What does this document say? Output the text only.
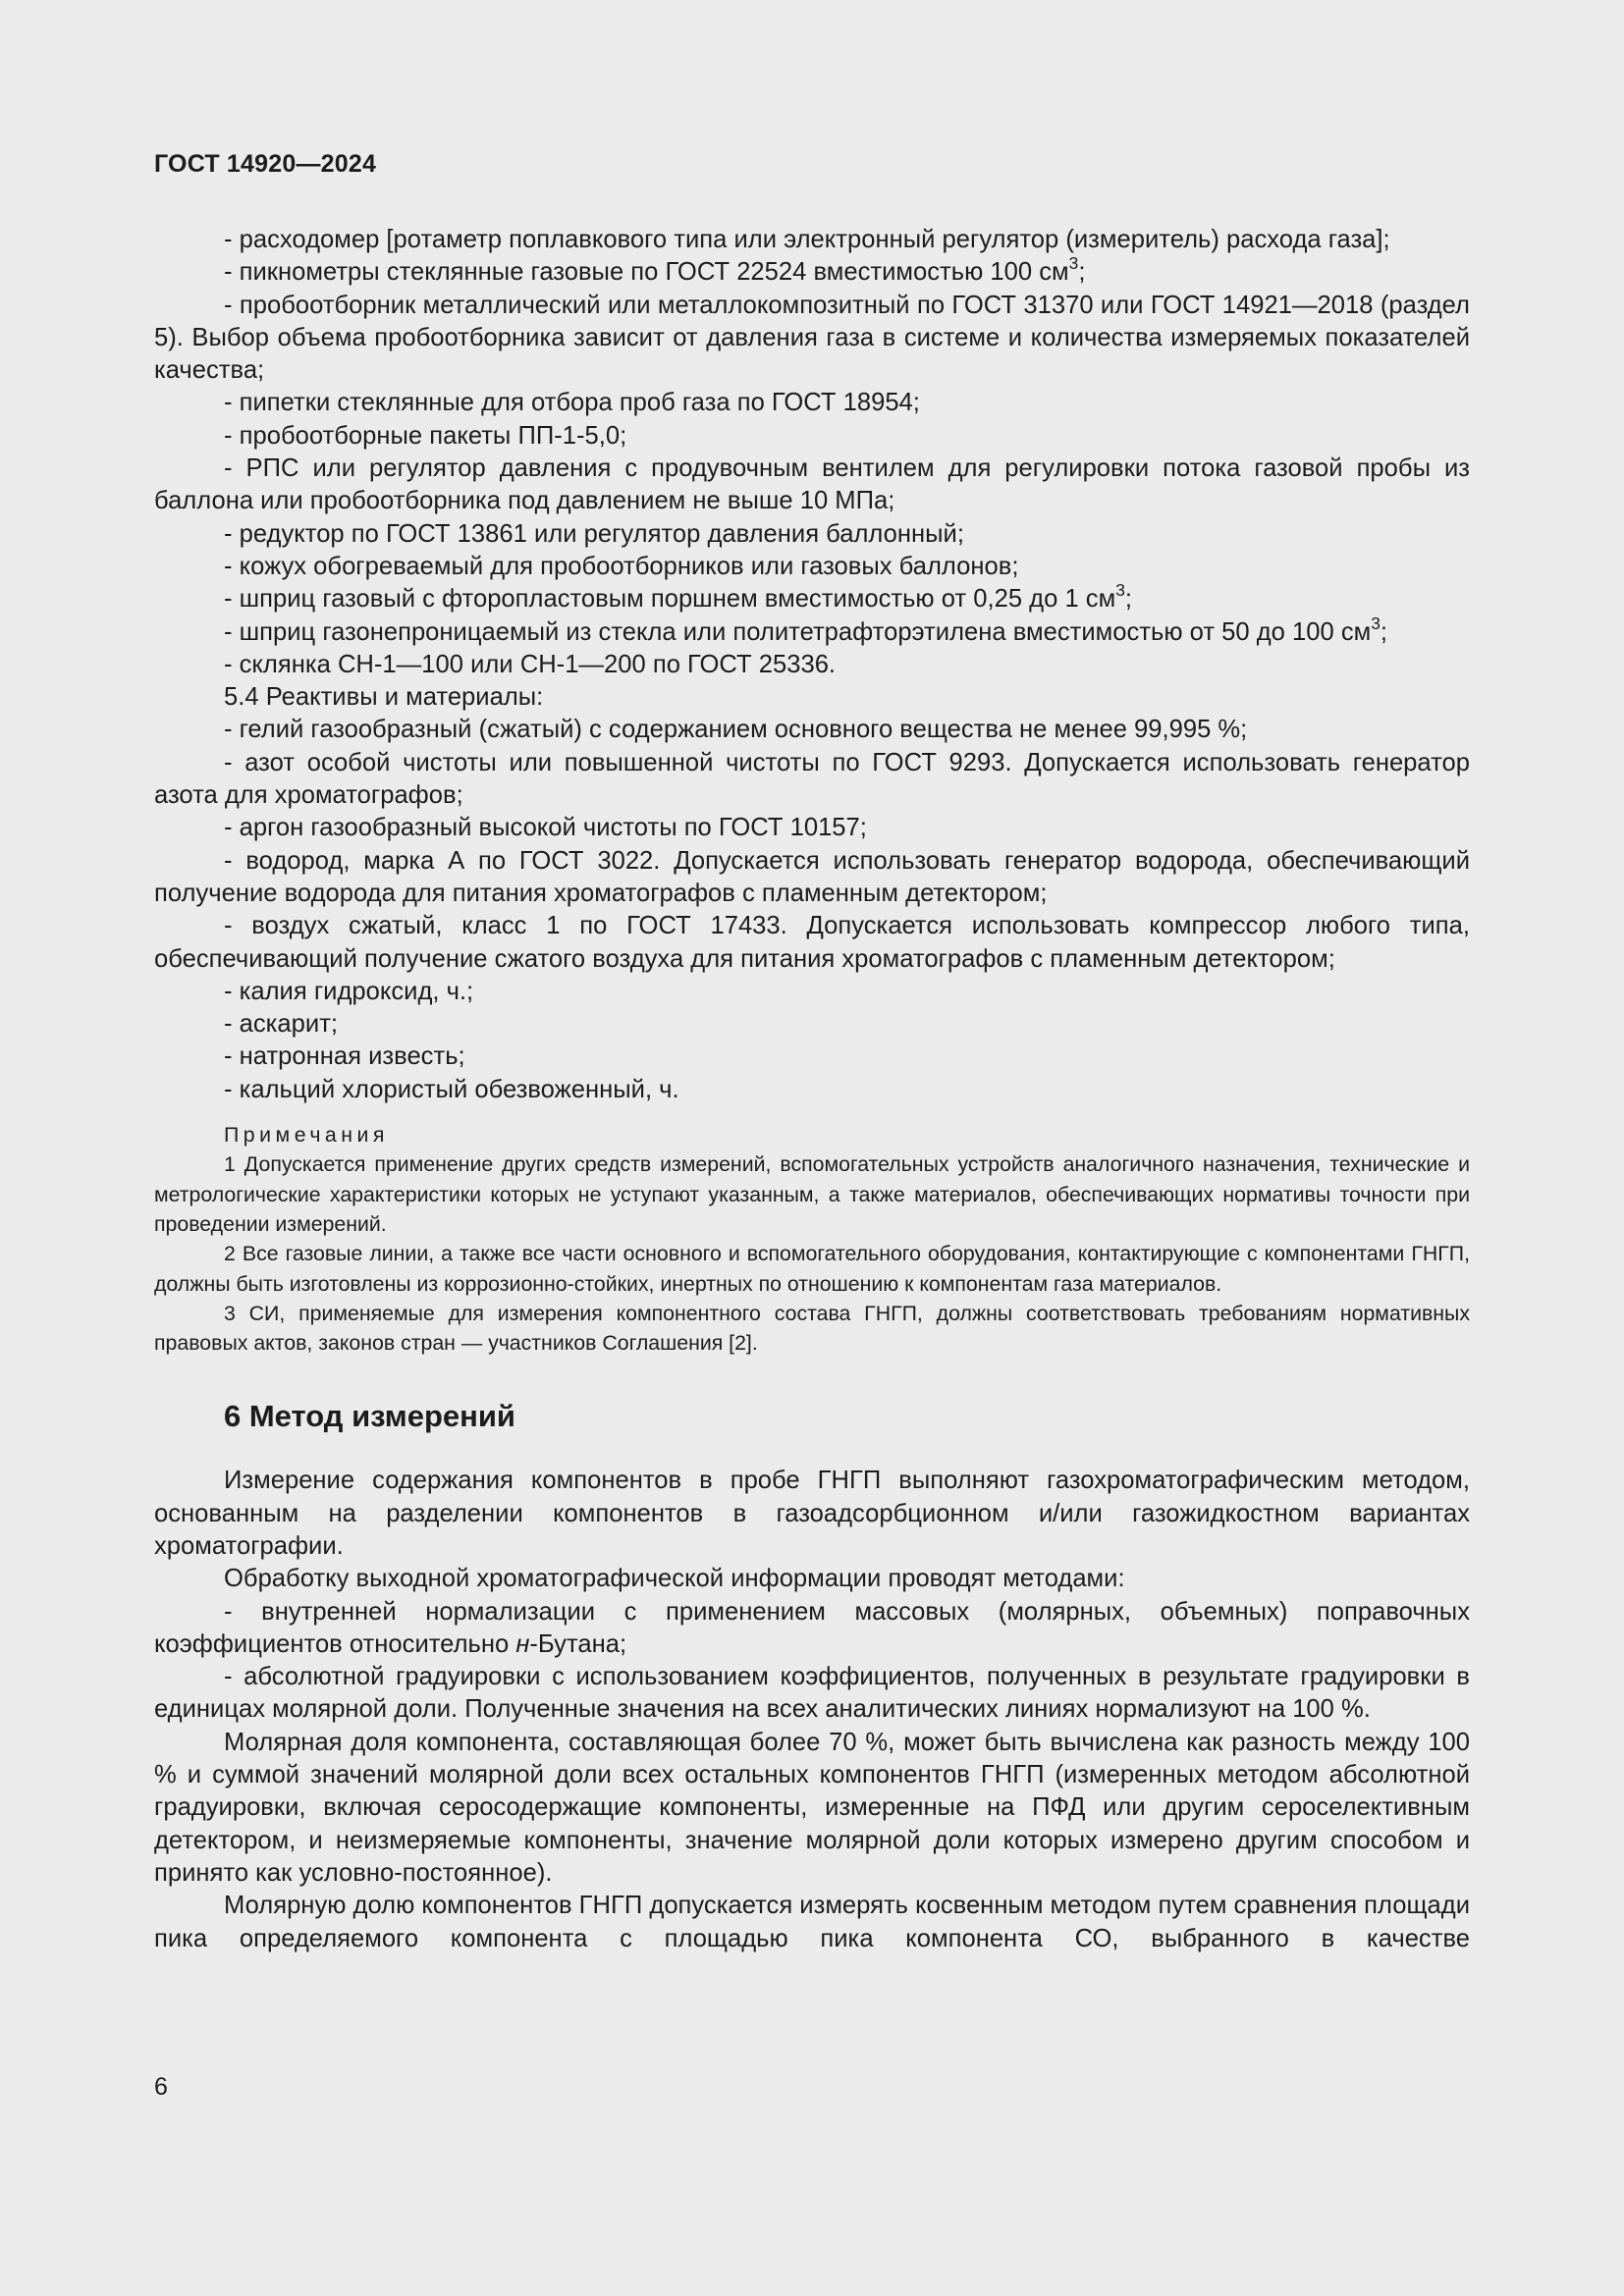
ГОСТ 14920—2024

- расходомер [ротаметр поплавкового типа или электронный регулятор (измеритель) расхода газа];

- пикнометры стеклянные газовые по ГОСТ 22524 вместимостью 100 $см^3$;

- пробоотборник металлический или металлокомпозитный по ГОСТ 31370 или ГОСТ 14921—2018 (раздел 5). Выбор объема пробоотборника зависит от давления газа в системе и количества измеряемых показателей качества;

- пипетки стеклянные для отбора проб газа по ГОСТ 18954;

- пробоотборные пакеты ПП-1-5,0;

- РПС или регулятор давления с продувочным вентилем для регулировки потока газовой пробы из баллона или пробоотборника под давлением не выше 10 МПа;

- редуктор по ГОСТ 13861 или регулятор давления баллонный;

- кожух обогреваемый для пробоотборников или газовых баллонов;

- шприц газовый с фторопластовым поршнем вместимостью от 0,25 до 1 $см^3$;

- шприц газонепроницаемый из стекла или политетрафторэтилена вместимостью от 50 до 100 $см^3$;

- склянка СН-1—100 или СН-1—200 по ГОСТ 25336.

5.4 Реактивы и материалы:

- гелий газообразный (сжатый) с содержанием основного вещества не менее 99,995 %;

- азот особой чистоты или повышенной чистоты по ГОСТ 9293. Допускается использовать генератор азота для хроматографов;

- аргон газообразный высокой чистоты по ГОСТ 10157;

- водород, марка А по ГОСТ 3022. Допускается использовать генератор водорода, обеспечивающий получение водорода для питания хроматографов с пламенным детектором;

- воздух сжатый, класс 1 по ГОСТ 17433. Допускается использовать компрессор любого типа, обеспечивающий получение сжатого воздуха для питания хроматографов с пламенным детектором;

- калия гидроксид, ч.;

- аскарит;

- натронная известь;

- кальций хлористый обезвоженный, ч.

Примечания

1 Допускается применение других средств измерений, вспомогательных устройств аналогичного назначения, технические и метрологические характеристики которых не уступают указанным, а также материалов, обеспечивающих нормативы точности при проведении измерений.

2 Все газовые линии, а также все части основного и вспомогательного оборудования, контактирующие с компонентами ГНГП, должны быть изготовлены из коррозионно-стойких, инертных по отношению к компонентам газа материалов.

3 СИ, применяемые для измерения компонентного состава ГНГП, должны соответствовать требованиям нормативных правовых актов, законов стран — участников Соглашения [2].

6 Метод измерений

Измерение содержания компонентов в пробе ГНГП выполняют газохроматографическим методом, основанным на разделении компонентов в газоадсорбционном и/или газожидкостном вариантах хроматографии.

Обработку выходной хроматографической информации проводят методами:

- внутренней нормализации с применением массовых (молярных, объемных) поправочных коэффициентов относительно н-Бутана;

- абсолютной градуировки с использованием коэффициентов, полученных в результате градуировки в единицах молярной доли. Полученные значения на всех аналитических линиях нормализуют на 100 %.

Молярная доля компонента, составляющая более 70 %, может быть вычислена как разность между 100 % и суммой значений молярной доли всех остальных компонентов ГНГП (измеренных методом абсолютной градуировки, включая серосодержащие компоненты, измеренные на ПФД или другим сероселективным детектором, и неизмеряемые компоненты, значение молярной доли которых измерено другим способом и принято как условно-постоянное).

Молярную долю компонентов ГНГП допускается измерять косвенным методом путем сравнения площади пика определяемого компонента с площадью пика компонента СО, выбранного в качестве

6
